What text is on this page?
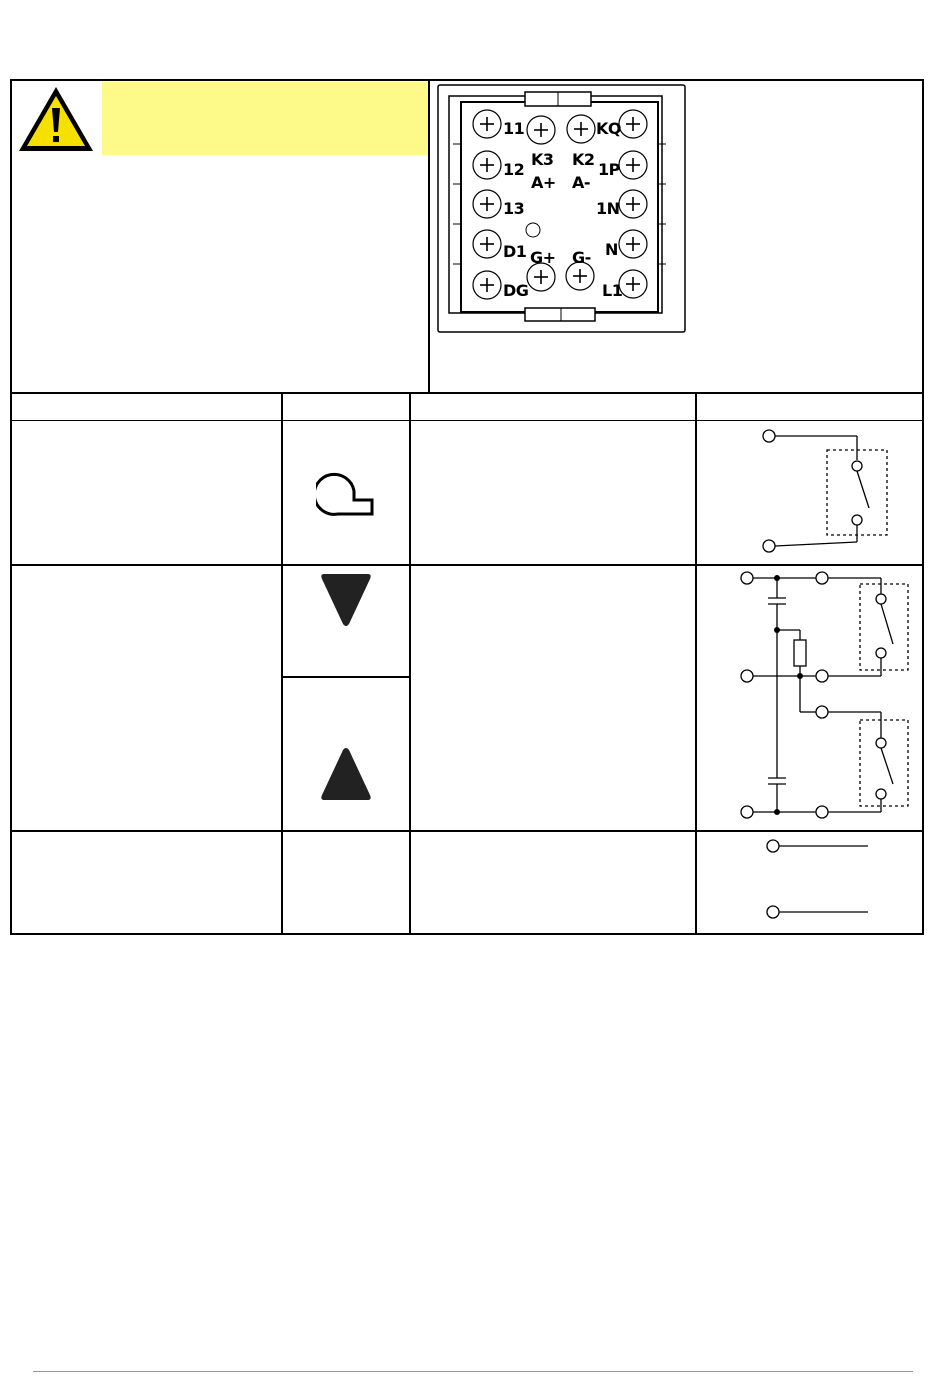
11
12
13
D1
DG
K3
A+
K2
A-
KQ
1P
1N
N
L1
G+ G-
